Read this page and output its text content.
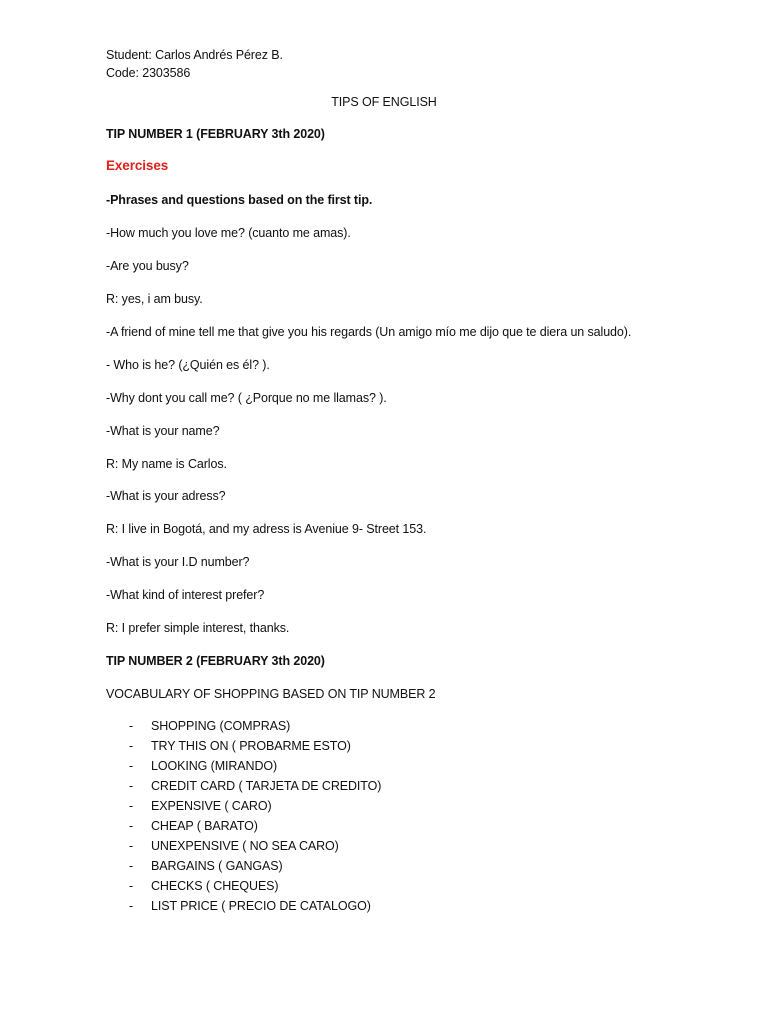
Student: Carlos Andrés Pérez B.

Code: 2303586

TIPS OF ENGLISH

TIP NUMBER 1 (FEBRUARY 3th 2020)

Exercises

-Phrases and questions based on the first tip.

-How much you love me? (cuanto me amas).

-Are you busy?

R: yes, i am busy.

-A friend of mine tell me that give you his regards (Un amigo mío me dijo que te diera un saludo).

- Who is he? (¿Quién es él? ).

-Why dont you call me? ( ¿Porque no me llamas? ).

-What is your name?

R: My name is Carlos.

-What is your adress?

R: I live in Bogotá, and my adress is Aveniue 9- Street 153.

-What is your I.D number?

-What kind of interest prefer?

R: I prefer simple interest, thanks.

TIP NUMBER 2 (FEBRUARY 3th 2020)

VOCABULARY OF SHOPPING BASED ON TIP NUMBER 2

- SHOPPING (COMPRAS)
- TRY THIS ON ( PROBARME ESTO)
- LOOKING (MIRANDO)
- CREDIT CARD ( TARJETA DE CREDITO)
- EXPENSIVE ( CARO)
- CHEAP ( BARATO)
- UNEXPENSIVE ( NO SEA CARO)
- BARGAINS ( GANGAS)
- CHECKS ( CHEQUES)
- LIST PRICE ( PRECIO DE CATALOGO)
